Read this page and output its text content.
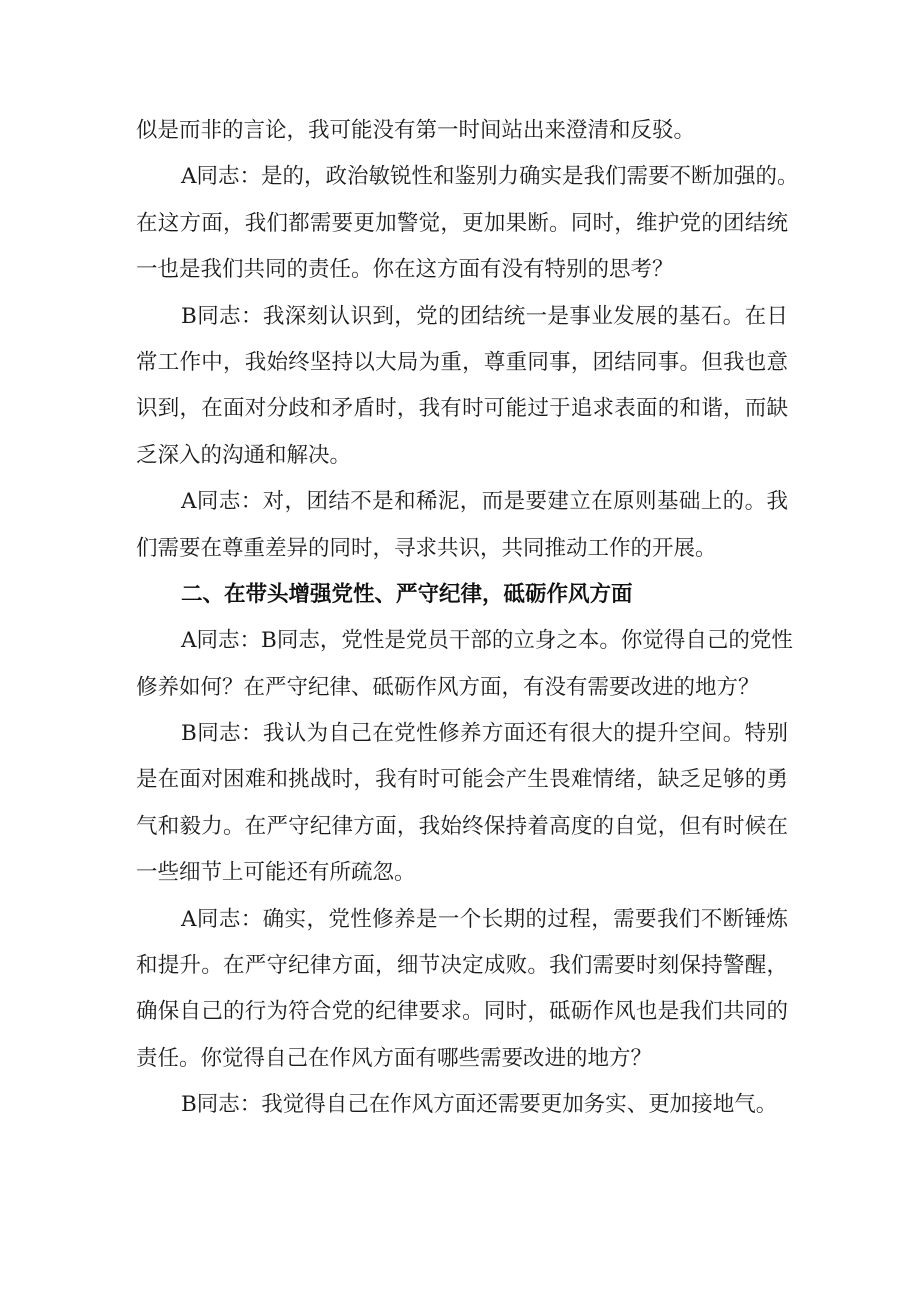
似是而非的言论，我可能没有第一时间站出来澄清和反驳。
A同志：是的，政治敏锐性和鉴别力确实是我们需要不断加强的。
在这方面，我们都需要更加警觉，更加果断。同时，维护党的团结统
一也是我们共同的责任。你在这方面有没有特别的思考？
B同志：我深刻认识到，党的团结统一是事业发展的基石。在日
常工作中，我始终坚持以大局为重，尊重同事，团结同事。但我也意
识到，在面对分歧和矛盾时，我有时可能过于追求表面的和谐，而缺
乏深入的沟通和解决。
A同志：对，团结不是和稀泥，而是要建立在原则基础上的。我
们需要在尊重差异的同时，寻求共识，共同推动工作的开展。
二、在带头增强党性、严守纪律，砥砺作风方面
A同志：B同志，党性是党员干部的立身之本。你觉得自己的党性
修养如何？在严守纪律、砥砺作风方面，有没有需要改进的地方？
B同志：我认为自己在党性修养方面还有很大的提升空间。特别
是在面对困难和挑战时，我有时可能会产生畏难情绪，缺乏足够的勇
气和毅力。在严守纪律方面，我始终保持着高度的自觉，但有时候在
一些细节上可能还有所疏忽。
A同志：确实，党性修养是一个长期的过程，需要我们不断锤炼
和提升。在严守纪律方面，细节决定成败。我们需要时刻保持警醒，
确保自己的行为符合党的纪律要求。同时，砥砺作风也是我们共同的
责任。你觉得自己在作风方面有哪些需要改进的地方？
B同志：我觉得自己在作风方面还需要更加务实、更加接地气。
